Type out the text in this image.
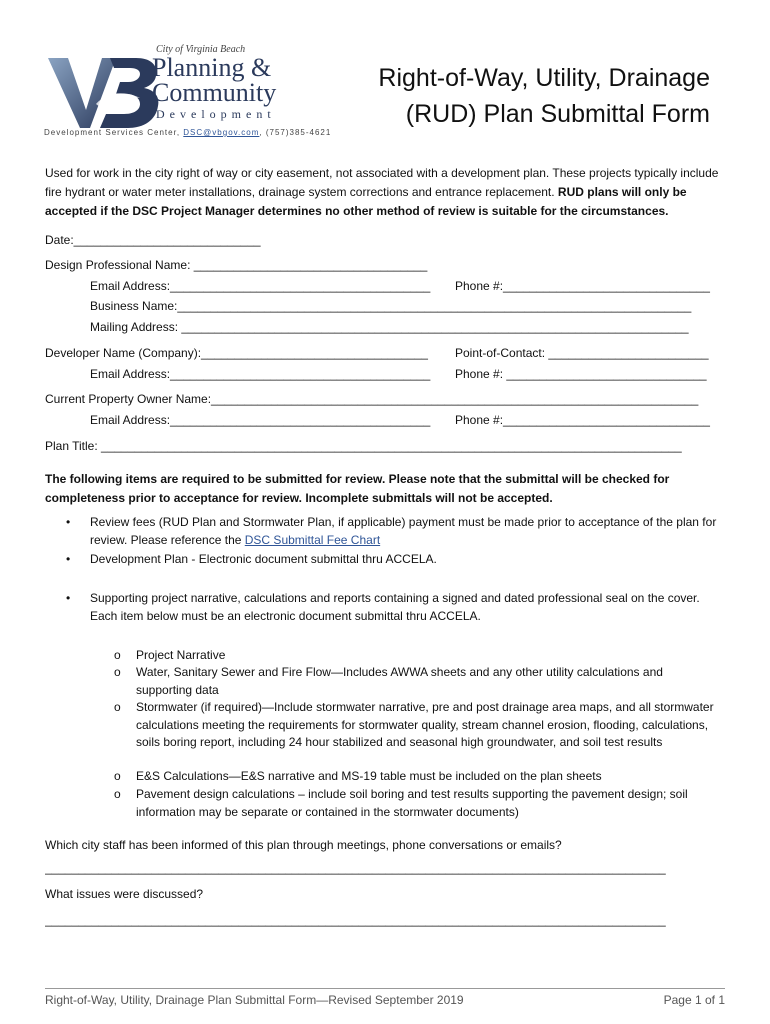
City of Virginia Beach
Planning &
Community
Development
Development Services Center, DSC@vbgov.com, (757)385-4621
Right-of-Way, Utility, Drainage
(RUD) Plan Submittal Form
Used for work in the city right of way or city easement, not associated with a development plan. These projects typically include fire hydrant or water meter installations, drainage system corrections and entrance replacement. RUD plans will only be accepted if the DSC Project Manager determines no other method of review is suitable for the circumstances.
Date:____________________________
Design Professional Name: ___________________________________
Email Address:_______________________________________ Phone #:_______________________________
Business Name:_____________________________________________________________________________
Mailing Address: ____________________________________________________________________________
Developer Name (Company):__________________________________ Point-of-Contact: ________________________
Email Address:_______________________________________ Phone #: ______________________________
Current Property Owner Name:_________________________________________________________________________
Email Address:_______________________________________ Phone #:_______________________________
Plan Title: _______________________________________________________________________________________
The following items are required to be submitted for review. Please note that the submittal will be checked for completeness prior to acceptance for review. Incomplete submittals will not be accepted.
• Review fees (RUD Plan and Stormwater Plan, if applicable) payment must be made prior to acceptance of the plan for review. Please reference the DSC Submittal Fee Chart
• Development Plan - Electronic document submittal thru ACCELA.
• Supporting project narrative, calculations and reports containing a signed and dated professional seal on the cover. Each item below must be an electronic document submittal thru ACCELA.
o Project Narrative
o Water, Sanitary Sewer and Fire Flow—Includes AWWA sheets and any other utility calculations and supporting data
o Stormwater (if required)—Include stormwater narrative, pre and post drainage area maps, and all stormwater calculations meeting the requirements for stormwater quality, stream channel erosion, flooding, calculations, soils boring report, including 24 hour stabilized and seasonal high groundwater, and soil test results
o E&S Calculations—E&S narrative and MS-19 table must be included on the plan sheets
o Pavement design calculations – include soil boring and test results supporting the pavement design; soil information may be separate or contained in the stormwater documents)
Which city staff has been informed of this plan through meetings, phone conversations or emails?
_____________________________________________________________________________________________
What issues were discussed?
_____________________________________________________________________________________________
Right-of-Way, Utility, Drainage Plan Submittal Form—Revised September 2019	Page 1 of 1
